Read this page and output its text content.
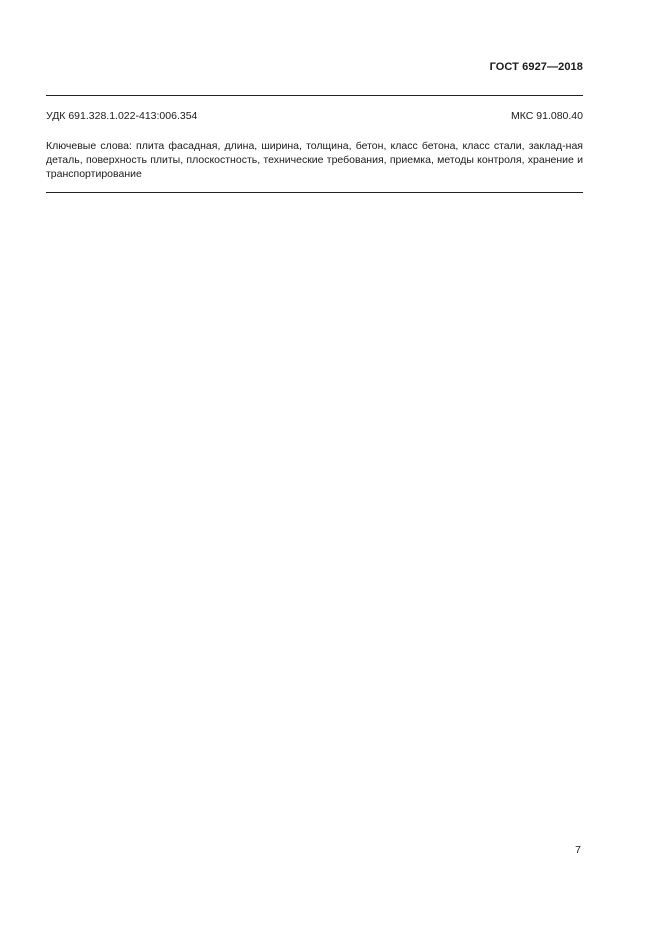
ГОСТ 6927—2018
УДК 691.328.1.022-413:006.354	МКС 91.080.40
Ключевые слова: плита фасадная, длина, ширина, толщина, бетон, класс бетона, класс стали, заклад-ная деталь, поверхность плиты, плоскостность, технические требования, приемка, методы контроля, хранение и транспортирование
7
